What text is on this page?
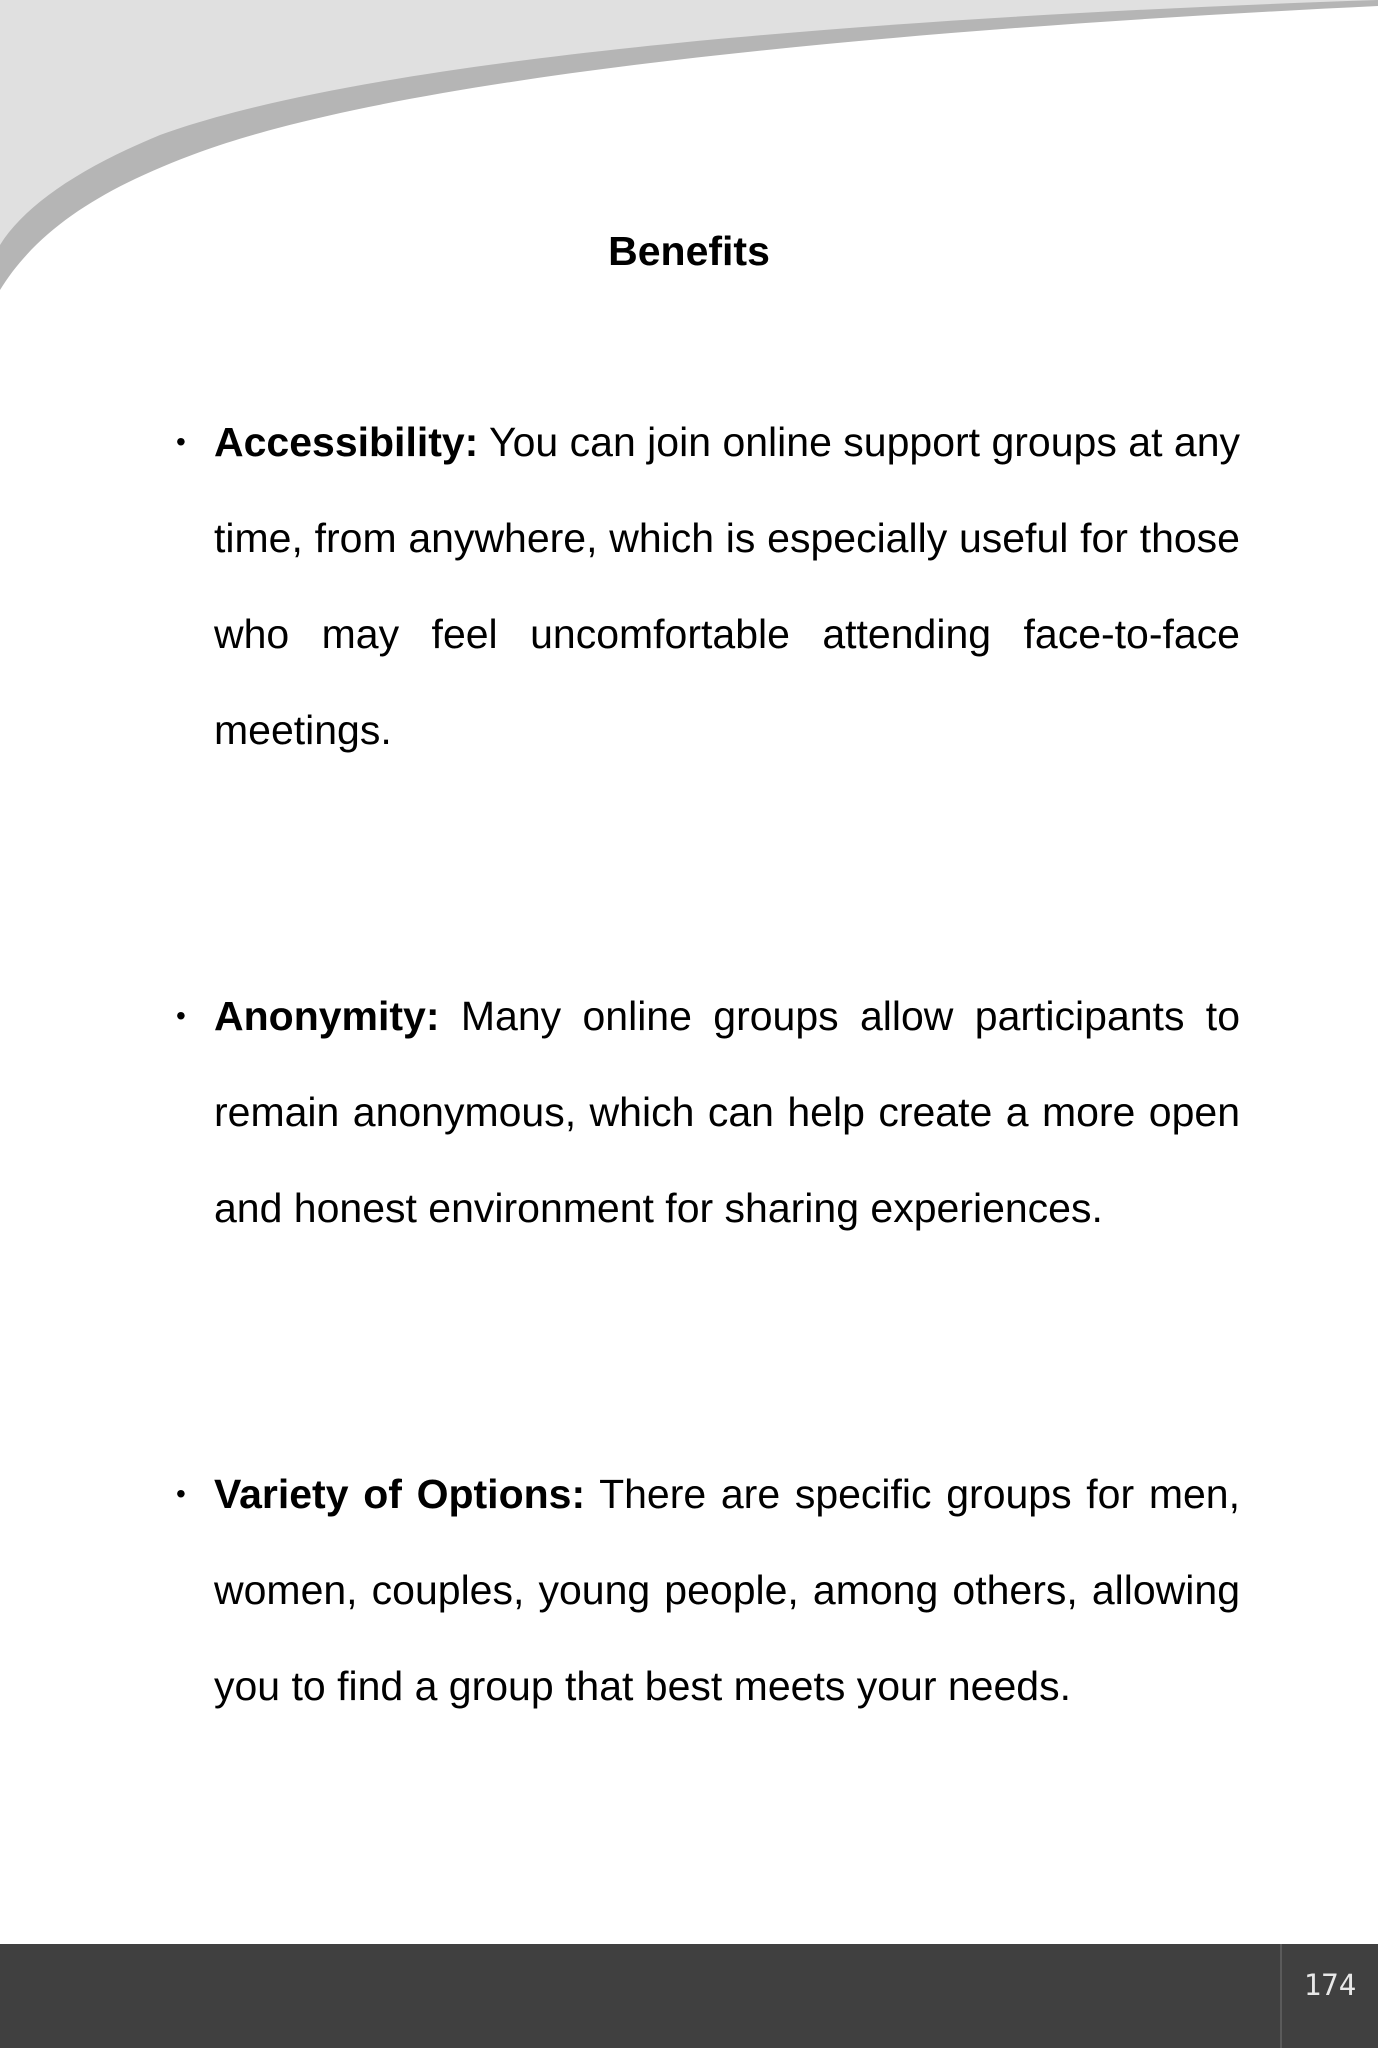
Benefits
• Accessibility: You can join online support groups at any time, from anywhere, which is especially useful for those who may feel uncomfortable attending face-to-face meetings.
• Anonymity: Many online groups allow participants to remain anonymous, which can help create a more open and honest environment for sharing experiences.
• Variety of Options: There are specific groups for men, women, couples, young people, among others, allowing you to find a group that best meets your needs.
174
